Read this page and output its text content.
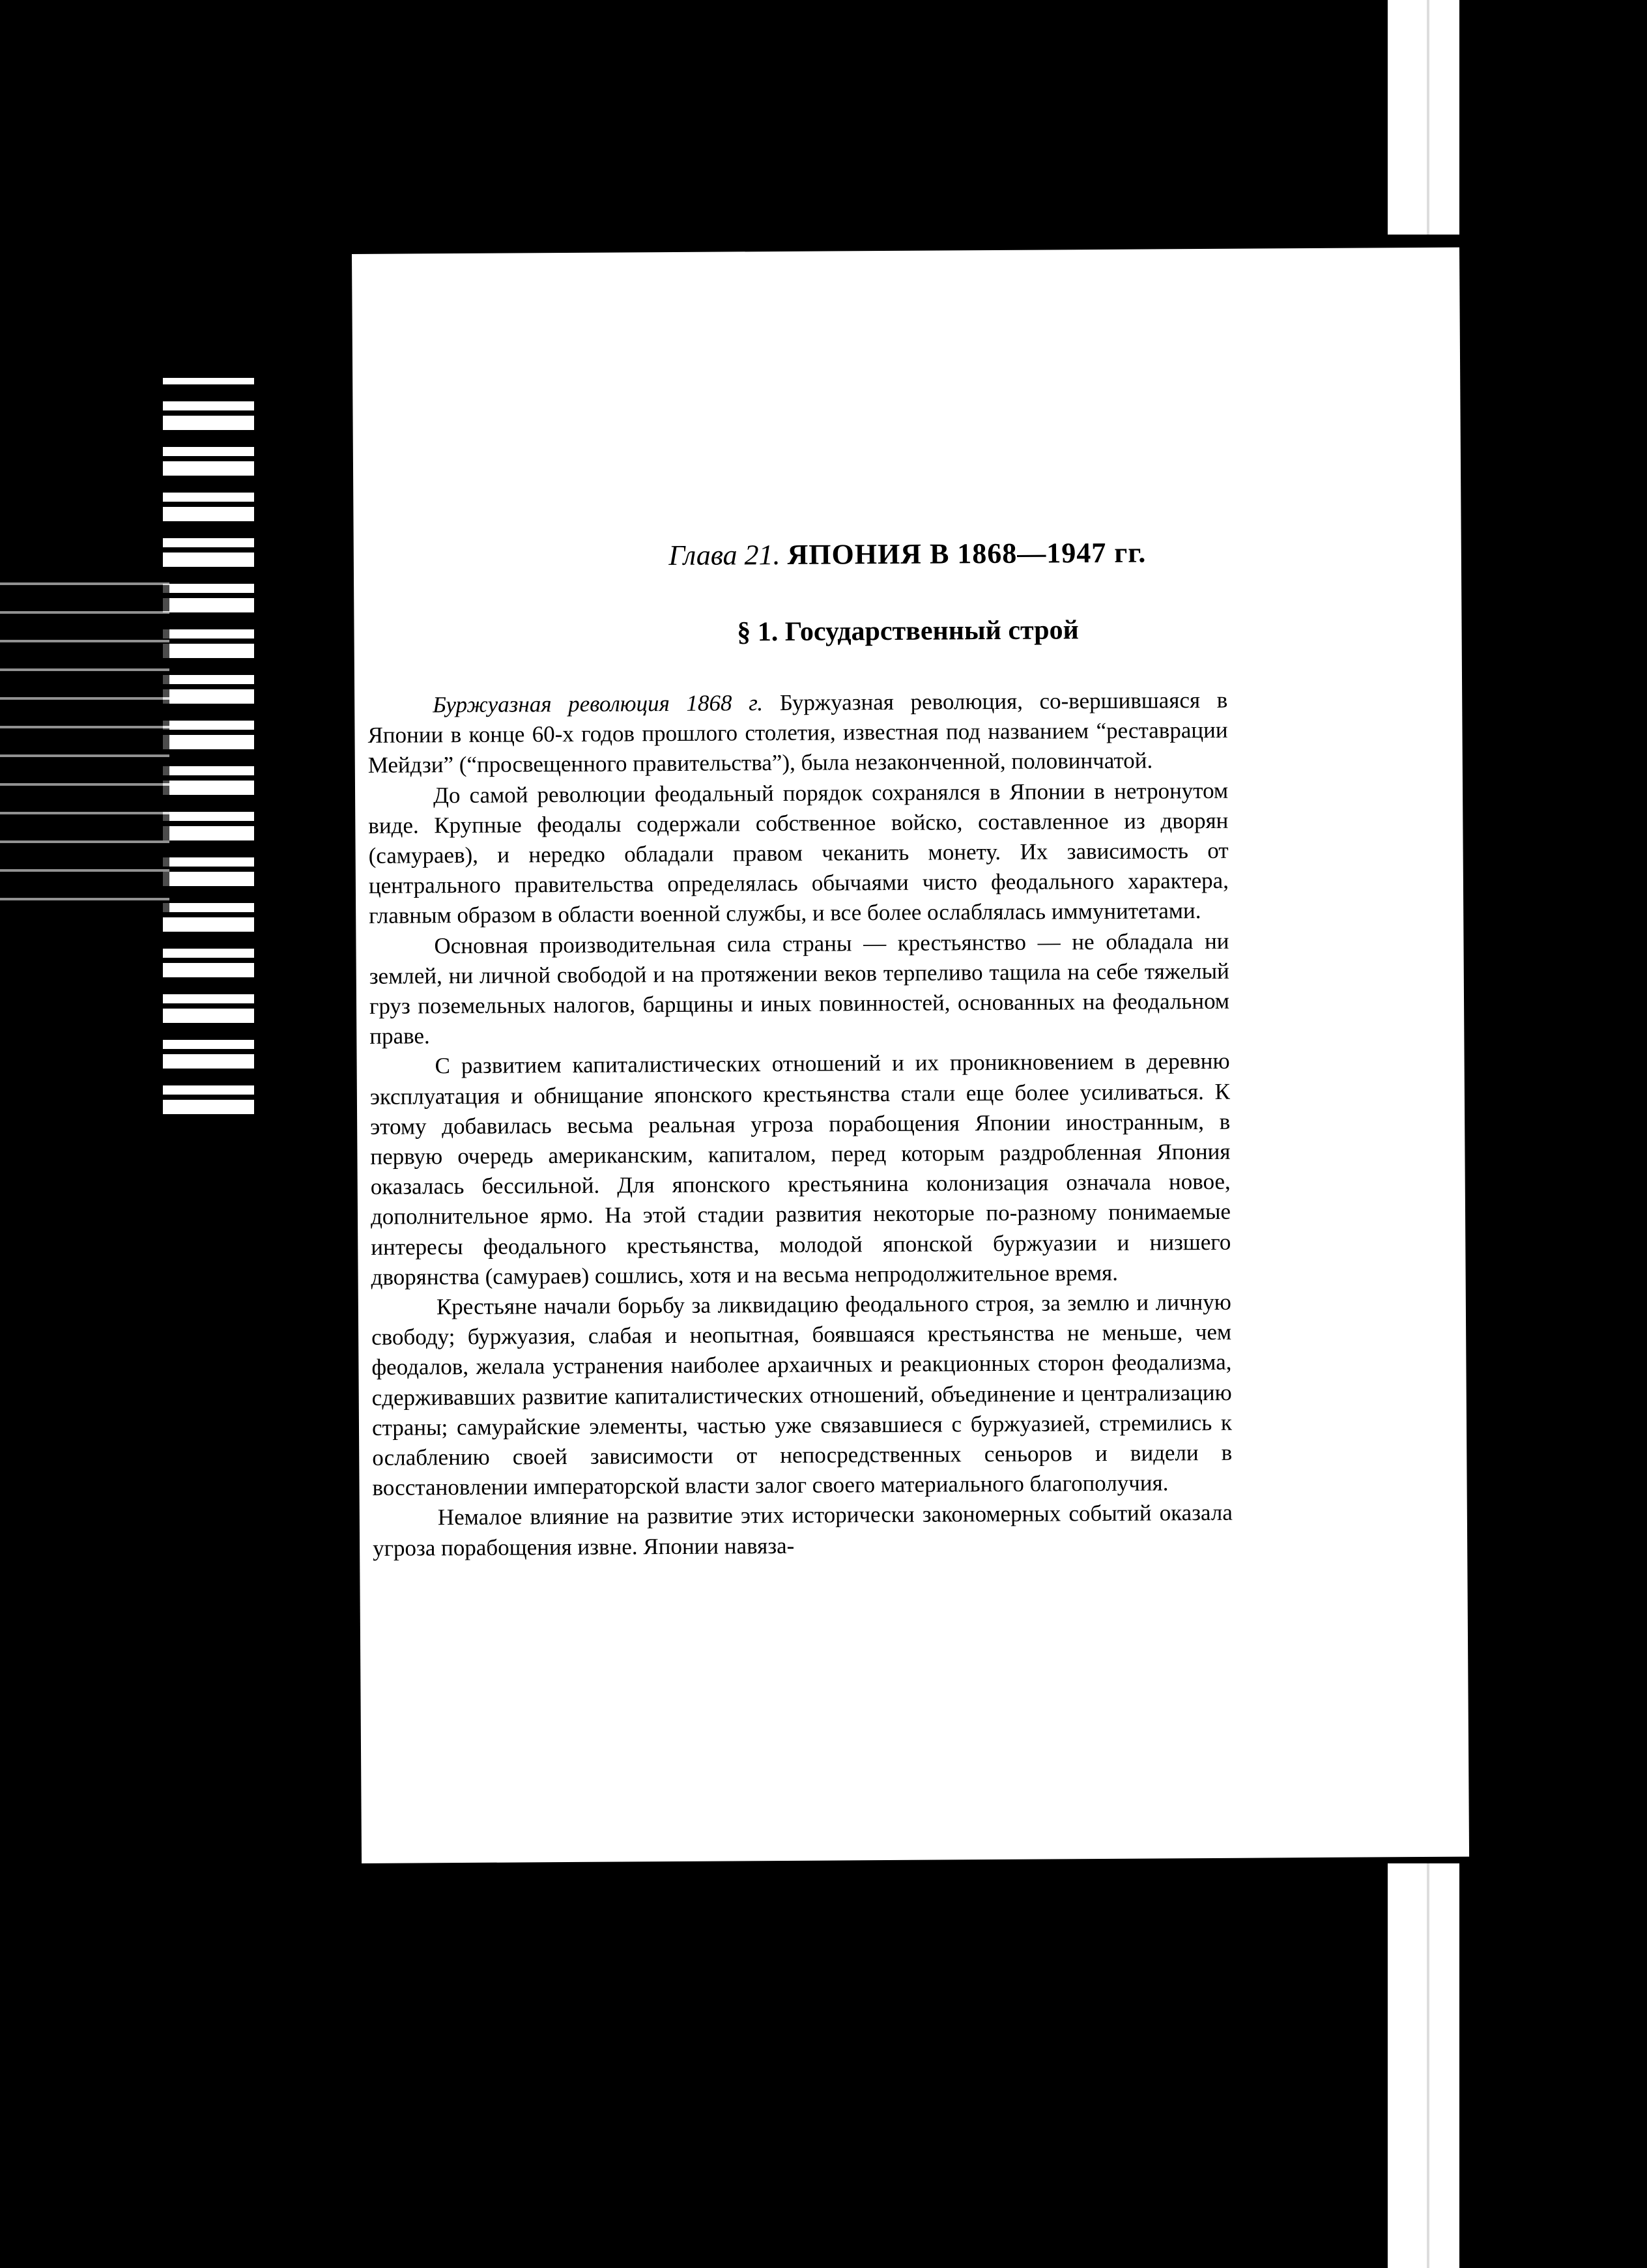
Глава 21. ЯПОНИЯ В 1868—1947 гг.
§ 1. Государственный строй

Буржуазная революция 1868 г. Буржуазная революция, со-вершившаяся в Японии в конце 60-х годов прошлого столетия, известная под названием “реставрации Мейдзи” (“просвещенного правительства”), была незаконченной, половинчатой.

До самой революции феодальный порядок сохранялся в Японии в нетронутом виде. Крупные феодалы содержали собственное войско, составленное из дворян (самураев), и нередко обладали правом чеканить монету. Их зависимость от центрального правительства определялась обычаями чисто феодального характера, главным образом в области военной службы, и все более ослаблялась иммунитетами.

Основная производительная сила страны — крестьянство — не обладала ни землей, ни личной свободой и на протяжении веков терпеливо тащила на себе тяжелый груз поземельных налогов, барщины и иных повинностей, основанных на феодальном праве.

С развитием капиталистических отношений и их проникновением в деревню эксплуатация и обнищание японского крестьянства стали еще более усиливаться. К этому добавилась весьма реальная угроза порабощения Японии иностранным, в первую очередь американским, капиталом, перед которым раздробленная Япония оказалась бессильной. Для японского крестьянина колонизация означала новое, дополнительное ярмо. На этой стадии развития некоторые по-разному понимаемые интересы феодального крестьянства, молодой японской буржуазии и низшего дворянства (самураев) сошлись, хотя и на весьма непродолжительное время.

Крестьяне начали борьбу за ликвидацию феодального строя, за землю и личную свободу; буржуазия, слабая и неопытная, боявшаяся крестьянства не меньше, чем феодалов, желала устранения наиболее архаичных и реакционных сторон феодализма, сдерживавших развитие капиталистических отношений, объединение и централизацию страны; самурайские элементы, частью уже связавшиеся с буржуазией, стремились к ослаблению своей зависимости от непосредственных сеньоров и видели в восстановлении императорской власти залог своего материального благополучия.

Немалое влияние на развитие этих исторически закономерных событий оказала угроза порабощения извне. Японии навяза-
